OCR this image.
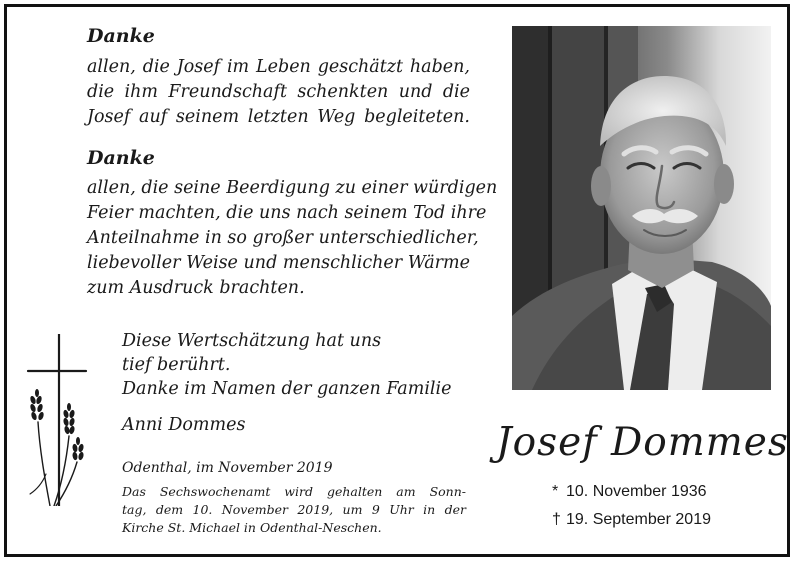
Danke
allen, die Josef im Leben geschätzt haben,
die ihm Freundschaft schenkten und die
Josef auf seinem letzten Weg begleiteten.
Danke
allen, die seine Beerdigung zu einer würdigen
Feier machten, die uns nach seinem Tod ihre
Anteilnahme in so großer unterschiedlicher,
liebevoller Weise und menschlicher Wärme
zum Ausdruck brachten.
Diese Wertschätzung hat uns
tief berührt.
Danke im Namen der ganzen Familie
Anni Dommes
Odenthal, im November 2019
Das Sechswochenamt wird gehalten am Sonn-
tag, dem 10. November 2019, um 9 Uhr in der
Kirche St. Michael in Odenthal-Neschen.
Josef Dommes
* 10. November 1936
† 19. September 2019
